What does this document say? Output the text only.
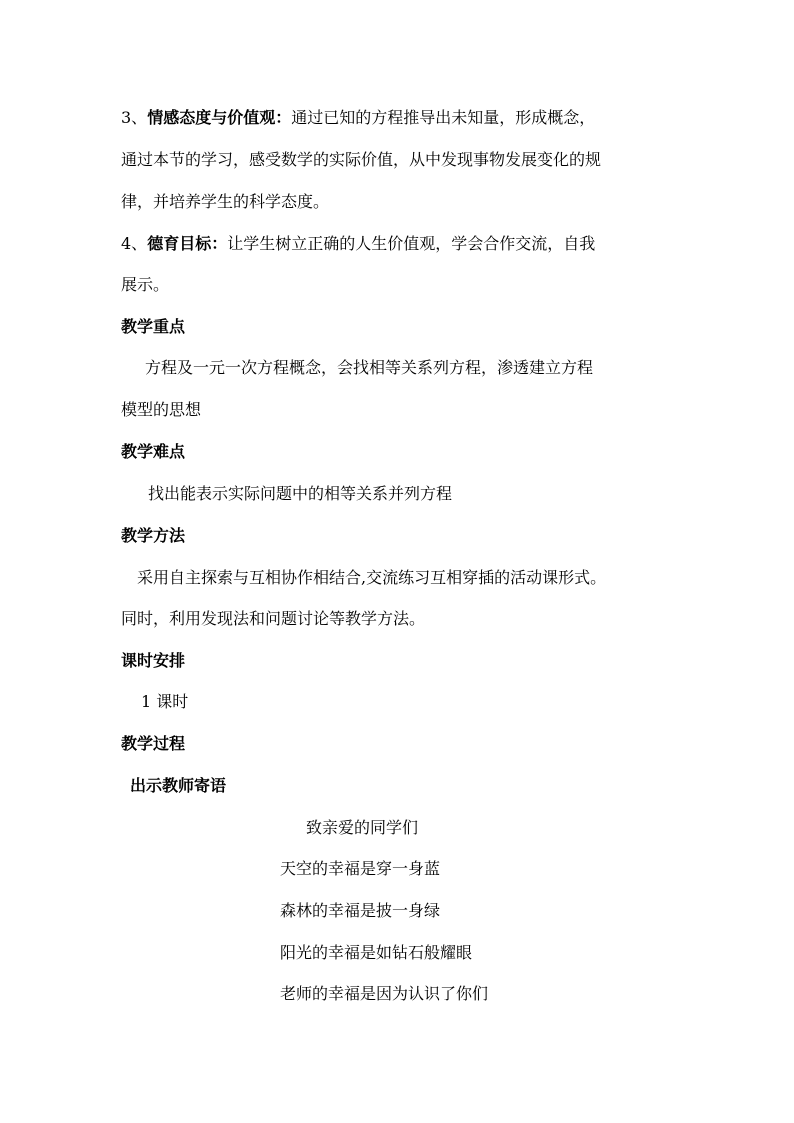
3、情感态度与价值观：通过已知的方程推导出未知量，形成概念，
通过本节的学习，感受数学的实际价值，从中发现事物发展变化的规
律，并培养学生的科学态度。
4、德育目标：让学生树立正确的人生价值观，学会合作交流，自我
展示。
教学重点
方程及一元一次方程概念，会找相等关系列方程，渗透建立方程
模型的思想
教学难点
找出能表示实际问题中的相等关系并列方程
教学方法
采用自主探索与互相协作相结合,交流练习互相穿插的活动课形式。
同时，利用发现法和问题讨论等教学方法。
课时安排
1 课时
教学过程
出示教师寄语
致亲爱的同学们
天空的幸福是穿一身蓝
森林的幸福是披一身绿
阳光的幸福是如钻石般耀眼
老师的幸福是因为认识了你们
